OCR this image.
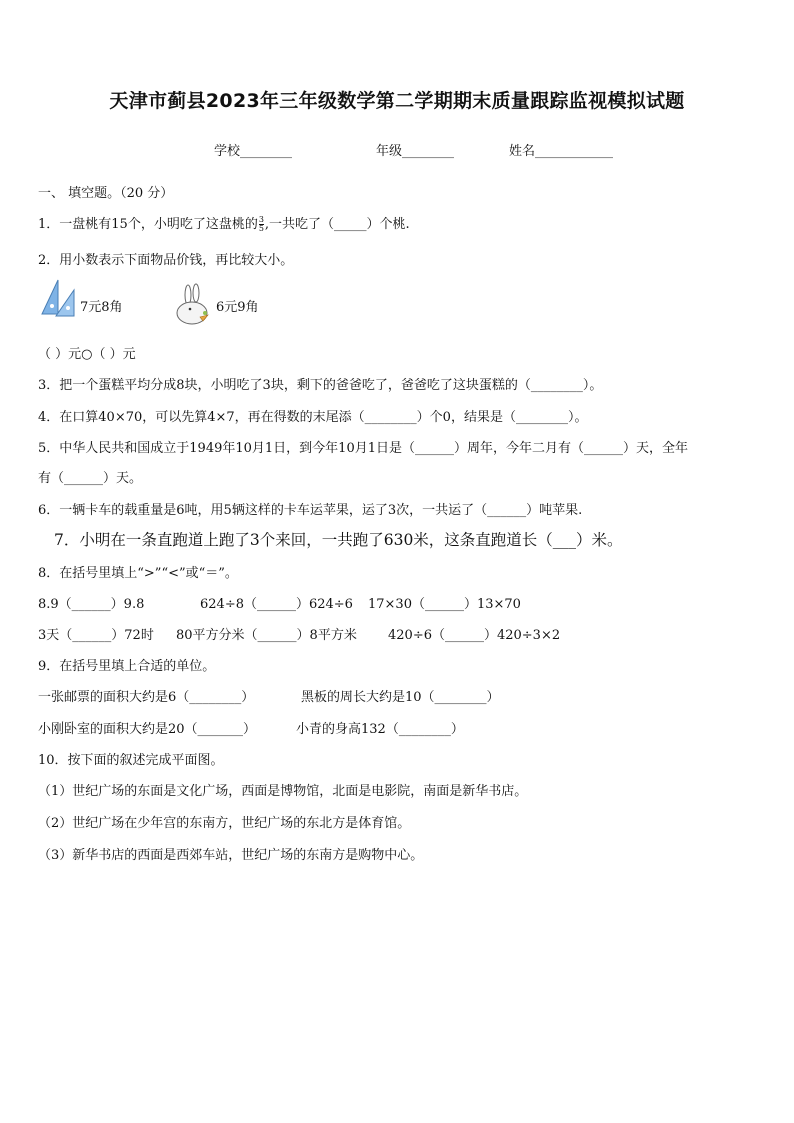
天津市蓟县2023年三年级数学第二学期期末质量跟踪监视模拟试题
学校________	年级________	姓名____________
一、 填空题。（20 分）
1．一盘桃有15个，小明吃了这盘桃的 $\frac{3}{5}$ ,一共吃了（_____）个桃.
2．用小数表示下面物品价钱，再比较大小。
7元8角	6元9角
（ ）元○（ ）元
3．把一个蛋糕平均分成8块，小明吃了3块，剩下的爸爸吃了，爸爸吃了这块蛋糕的（________）。
4．在口算40×70，可以先算4×7，再在得数的末尾添（________）个0，结果是（________）。
5．中华人民共和国成立于1949年10月1日，到今年10月1日是（______）周年，今年二月有（______）天，全年
有（______）天。
6．一辆卡车的载重量是6吨，用5辆这样的卡车运苹果，运了3次，一共运了（______）吨苹果.
7．小明在一条直跑道上跑了3个来回，一共跑了630米，这条直跑道长（___）米。
8．在括号里填上“>”“<”或“＝”。
8.9（______）9.8	624÷8（______）624÷6 17×30（______）13×70
3天（______）72时 80平方分米（______）8平方米 420÷6（______）420÷3×2
9．在括号里填上合适的单位。
一张邮票的面积大约是6（________）	黑板的周长大约是10（________）
小刚卧室的面积大约是20（_______）	小青的身高132（________）
10．按下面的叙述完成平面图。
（1）世纪广场的东面是文化广场，西面是博物馆，北面是电影院，南面是新华书店。
（2）世纪广场在少年宫的东南方，世纪广场的东北方是体育馆。
（3）新华书店的西面是西郊车站，世纪广场的东南方是购物中心。
